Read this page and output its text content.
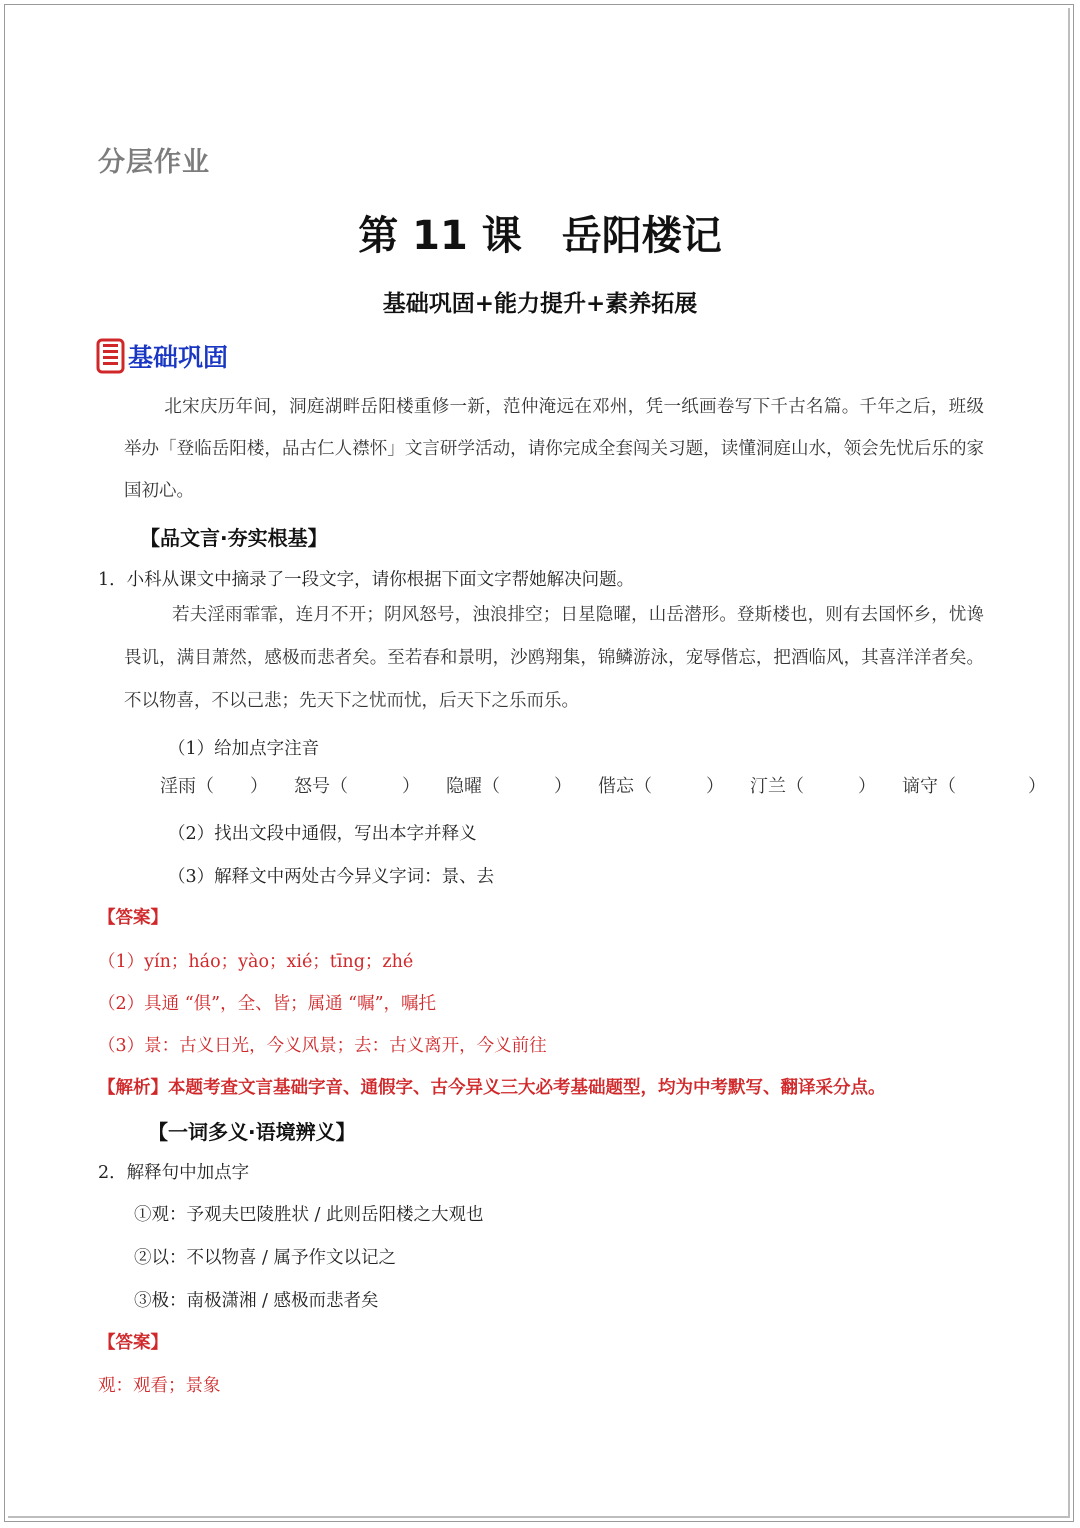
分层作业
第 11 课 岳阳楼记
基础巩固+能力提升+素养拓展
基础巩固
北宋庆历年间，洞庭湖畔岳阳楼重修一新，范仲淹远在邓州，凭一纸画卷写下千古名篇。千年之后，班级举办「登临岳阳楼，品古仁人襟怀」文言研学活动，请你完成全套闯关习题，读懂洞庭山水，领会先忧后乐的家国初心。
【品文言·夯实根基】
1．小科从课文中摘录了一段文字，请你根据下面文字帮她解决问题。
若夫淫雨霏霏，连月不开；阴风怒号，浊浪排空；日星隐曜，山岳潜形。登斯楼也，则有去国怀乡，忧谗畏讥，满目萧然，感极而悲者矣。至若春和景明，沙鸥翔集，锦鳞游泳，宠辱偕忘，把酒临风，其喜洋洋者矣。不以物喜，不以己悲；先天下之忧而忧，后天下之乐而乐。
（1）给加点字注音
淫雨（　　） 怒号（　　　） 隐曜（　　　） 偕忘（　　　） 汀兰（　　　） 谪守（　　　　）
（2）找出文段中通假，写出本字并释义
（3）解释文中两处古今异义字词：景、去
【答案】
（1）yín；háo；yào；xié；tīng；zhé
（2）具通 “俱”，全、皆；属通 “嘱”，嘱托
（3）景：古义日光，今义风景；去：古义离开，今义前往
【解析】本题考查文言基础字音、通假字、古今异义三大必考基础题型，均为中考默写、翻译采分点。
【一词多义·语境辨义】
2．解释句中加点字
①观：予观夫巴陵胜状 / 此则岳阳楼之大观也
②以：不以物喜 / 属予作文以记之
③极：南极潇湘 / 感极而悲者矣
【答案】
观：观看；景象
